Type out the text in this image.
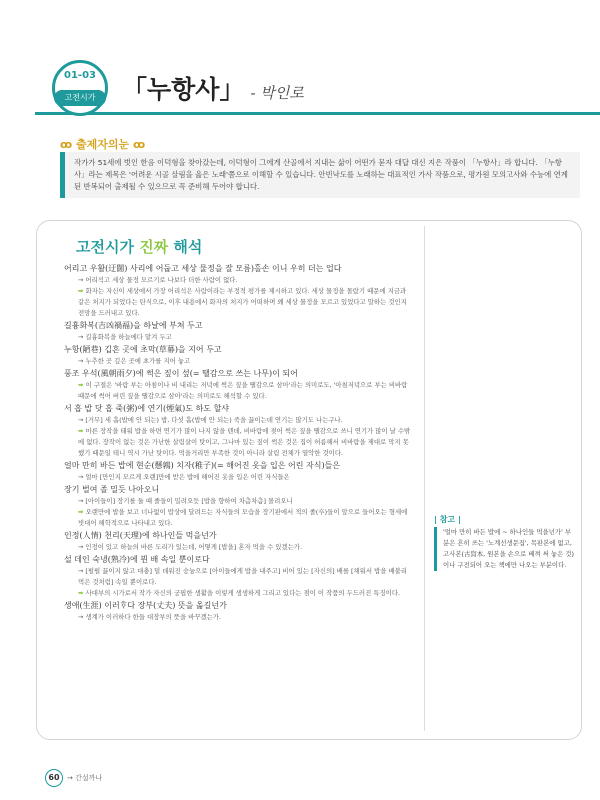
01-03
고전시가	「누항사」 - 박인로
ꝏ 출제자의눈 ꝏ
작가가 51세에 벗인 한음 이덕형을 찾아갔는데, 이덕형이 그에게 산골에서 지내는 삶이 어떤가 묻자 대답 대신 지은 작품이 「누항사」라 합니다. 「누항사」라는 제목은 '어려운 시골 살림을 읊은 노래'쯤으로 이해할 수 있습니다. 안빈낙도를 노래하는 대표적인 가사 작품으로, 평가원 모의고사와 수능에 연계된 반복되어 출제될 수 있으므로 꼭 준비해 두어야 합니다.
고전시가 진짜 해석
어리고 우활(迂闊) 사리에 어둡고 세상 물정을 잘 모름)홀손 이니 우히 더는 업다
→ 어리석고 세상 물정 모르기로 나보다 더한 사람이 없다.
➡ 화자는 자신이 세상에서 가장 어리석은 사람이라는 부정적 평가를 제시하고 있다. 세상 물정을 몰랐기 때문에 지금과 같은 처지가 되었다는 탄식으로, 이후 내용에서 화자의 처지가 어떠하며 왜 세상 물정을 모르고 있었다고 말하는 것인지 전망을 드러내고 있다.
길흉화복(吉凶禍福)을 하날에 부쳐 두고
→ 길흉화복을 하늘에다 맡겨 두고
누항(陋巷) 깁흔 곳에 초막(草幕)을 지어 두고
→ 누추한 곳 깊은 곳에 초가를 지어 놓고
풍조 우석(風朝雨夕)에 썩은 짚이 섶(= 땔감으로 쓰는 나무)이 되어
➡ 이 구절은 '바람 부는 아침이나 비 내리는 저녁에 썩은 짚을 땔감으로 삼아'라는 의미로도, '아침저녁으로 부는 비바람 때문에 썩어 버린 짚을 땔감으로 삼아'라는 의미로도 해석할 수 있다.
서 홉 밥 닷 홉 죽(粥)에 연기(煙氣)도 하도 할샤
→ [거무] 세 홉(밥에 안 되는) 밥, 다섯 홉(밥에 안 되는) 죽을 끓이는데 연기는 많기도 나는구나.
➡ 마른 장작을 태워 밥을 하면 연기가 많이 나지 않을 텐데, 비바람에 젖어 썩은 짚을 땔감으로 쓰니 연기가 많이 날 수밖에 없다. 장작이 없는 것은 가난한 살림살이 탓이고, 그나마 있는 짚이 썩은 것은 집이 허름해서 비바람을 제대로 막지 못했기 때문일 테니 역시 가난 탓이다. 먹을거리만 부족한 것이 아니라 살림 전체가 열악한 것이다.
얼마 만히 바든 밥에 현순(懸鶉) 치자(稚子)(= 해어진 옷을 입은 어린 자식)들은
→ 얼마 [만인지 모르게 오랜]만에 받은 밥에 해어진 옷을 입은 어린 자식들은
장기 벌여 졸 밀듯 나아오니
→ [아이들이] 장기를 둘 때 졸들이 밀려오듯 [밥을 향하여 차츰차츰] 몰려오니
➡ 오랜만에 밥을 보고 너나없이 밥상에 달려드는 자식들의 모습을 장기판에서 적의 졸(卒)들이 앞으로 들어오는 형세에 빗대어 해학적으로 나타내고 있다.
인정(人情) 천리(天理)에 하나인들 먹을넌가
→ 인정이 있고 하늘의 바른 도리가 있는데, 어떻게 [밥을] 혼자 먹을 수 있겠는가.
설 데인 숙냉(熟冷)에 뷘 배 속일 뿐이로다
→ [펄펄 끓이지 않고 대충] 덜 데워진 숭늉으로 [아이들에게 밥을 내주고] 비어 있는 [자신의] 배를 [채워서 밥을 배불리 먹은 것처럼] 속일 뿐이로다.
➡ 사대부의 시가로서 작가 자신의 궁핍한 생활을 이렇게 생생하게 그리고 있다는 점이 이 작품의 두드러진 특징이다.
생애(生涯) 이러ᄒᆞ다 장부(丈夫) 뜻을 옮길넌가
→ 생계가 이러하다 한들 대장부의 뜻을 바꾸겠는가.
| 참고 |
'얼마 만히 바든 밥에 ~ 하나인들 먹을넌가' 부분은 흔히 쓰는 '노계선생문집', 목판본에 없고, 고사본(古寫本, 원본을 손으로 베껴 써 놓은 것)이나 구전되어 오는 책에만 나오는 부분이다.
60	→ 간설까나
